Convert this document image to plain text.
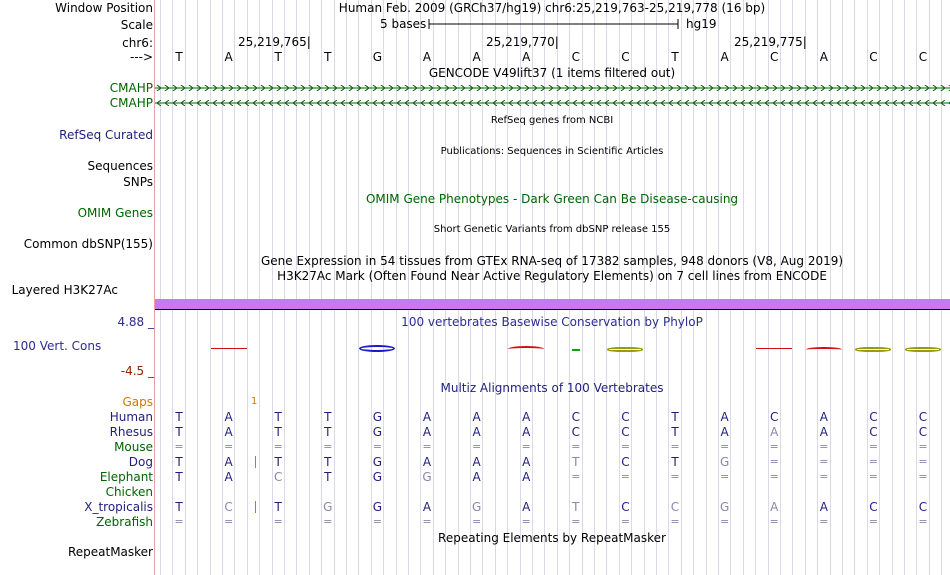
Window Position	Human Feb. 2009 (GRCh37/hg19) chr6:25,219,763-25,219,778 (16 bp)
Scale	5 bases	hg19
chr6:	25,219,765|	25,219,770|	25,219,775|
--->	T	A	T	T	G	A	A	A	C	C	T	A	C	A	C	C
GENCODE V49lift37 (1 items filtered out)
CMAHP
CMAHP
RefSeq Curated
RefSeq genes from NCBI
Publications: Sequences in Scientific Articles
Sequences
SNPs
OMIM Gene Phenotypes - Dark Green Can Be Disease-causing
OMIM Genes
Short Genetic Variants from dbSNP release 155
Common dbSNP(155)
Gene Expression in 54 tissues from GTEx RNA-seq of 17382 samples, 948 donors (V8, Aug 2019)
H3K27Ac Mark (Often Found Near Active Regulatory Elements) on 7 cell lines from ENCODE
Layered H3K27Ac
4.88 _	100 vertebrates Basewise Conservation by PhyloP
100 Vert. Cons
-4.5 _
Multiz Alignments of 100 Vertebrates
Gaps	1
Human	T	A	T	T	G	A	A	A	C	C	T	A	C	A	C	C
Rhesus	T	A	T	T	G	A	A	A	C	C	T	A	A	A	C	C
Mouse	=	=	=	=	=	=	=	=	=	=	=	=	=	=	=	=
Dog	T	A	T	T	G	A	A	A	T	C	T	G	=	=	=	=
Elephant	T	A	C	T	G	G	A	A	=	=	=	=	=	=	=	=
Chicken
X_tropicalis	T	C	T	G	G	A	G	A	T	C	C	G	A	A	C	C
Zebrafish	=	=	=	=	=	=	=	=	=	=	=	=	=	=	=	=
Repeating Elements by RepeatMasker
RepeatMasker
